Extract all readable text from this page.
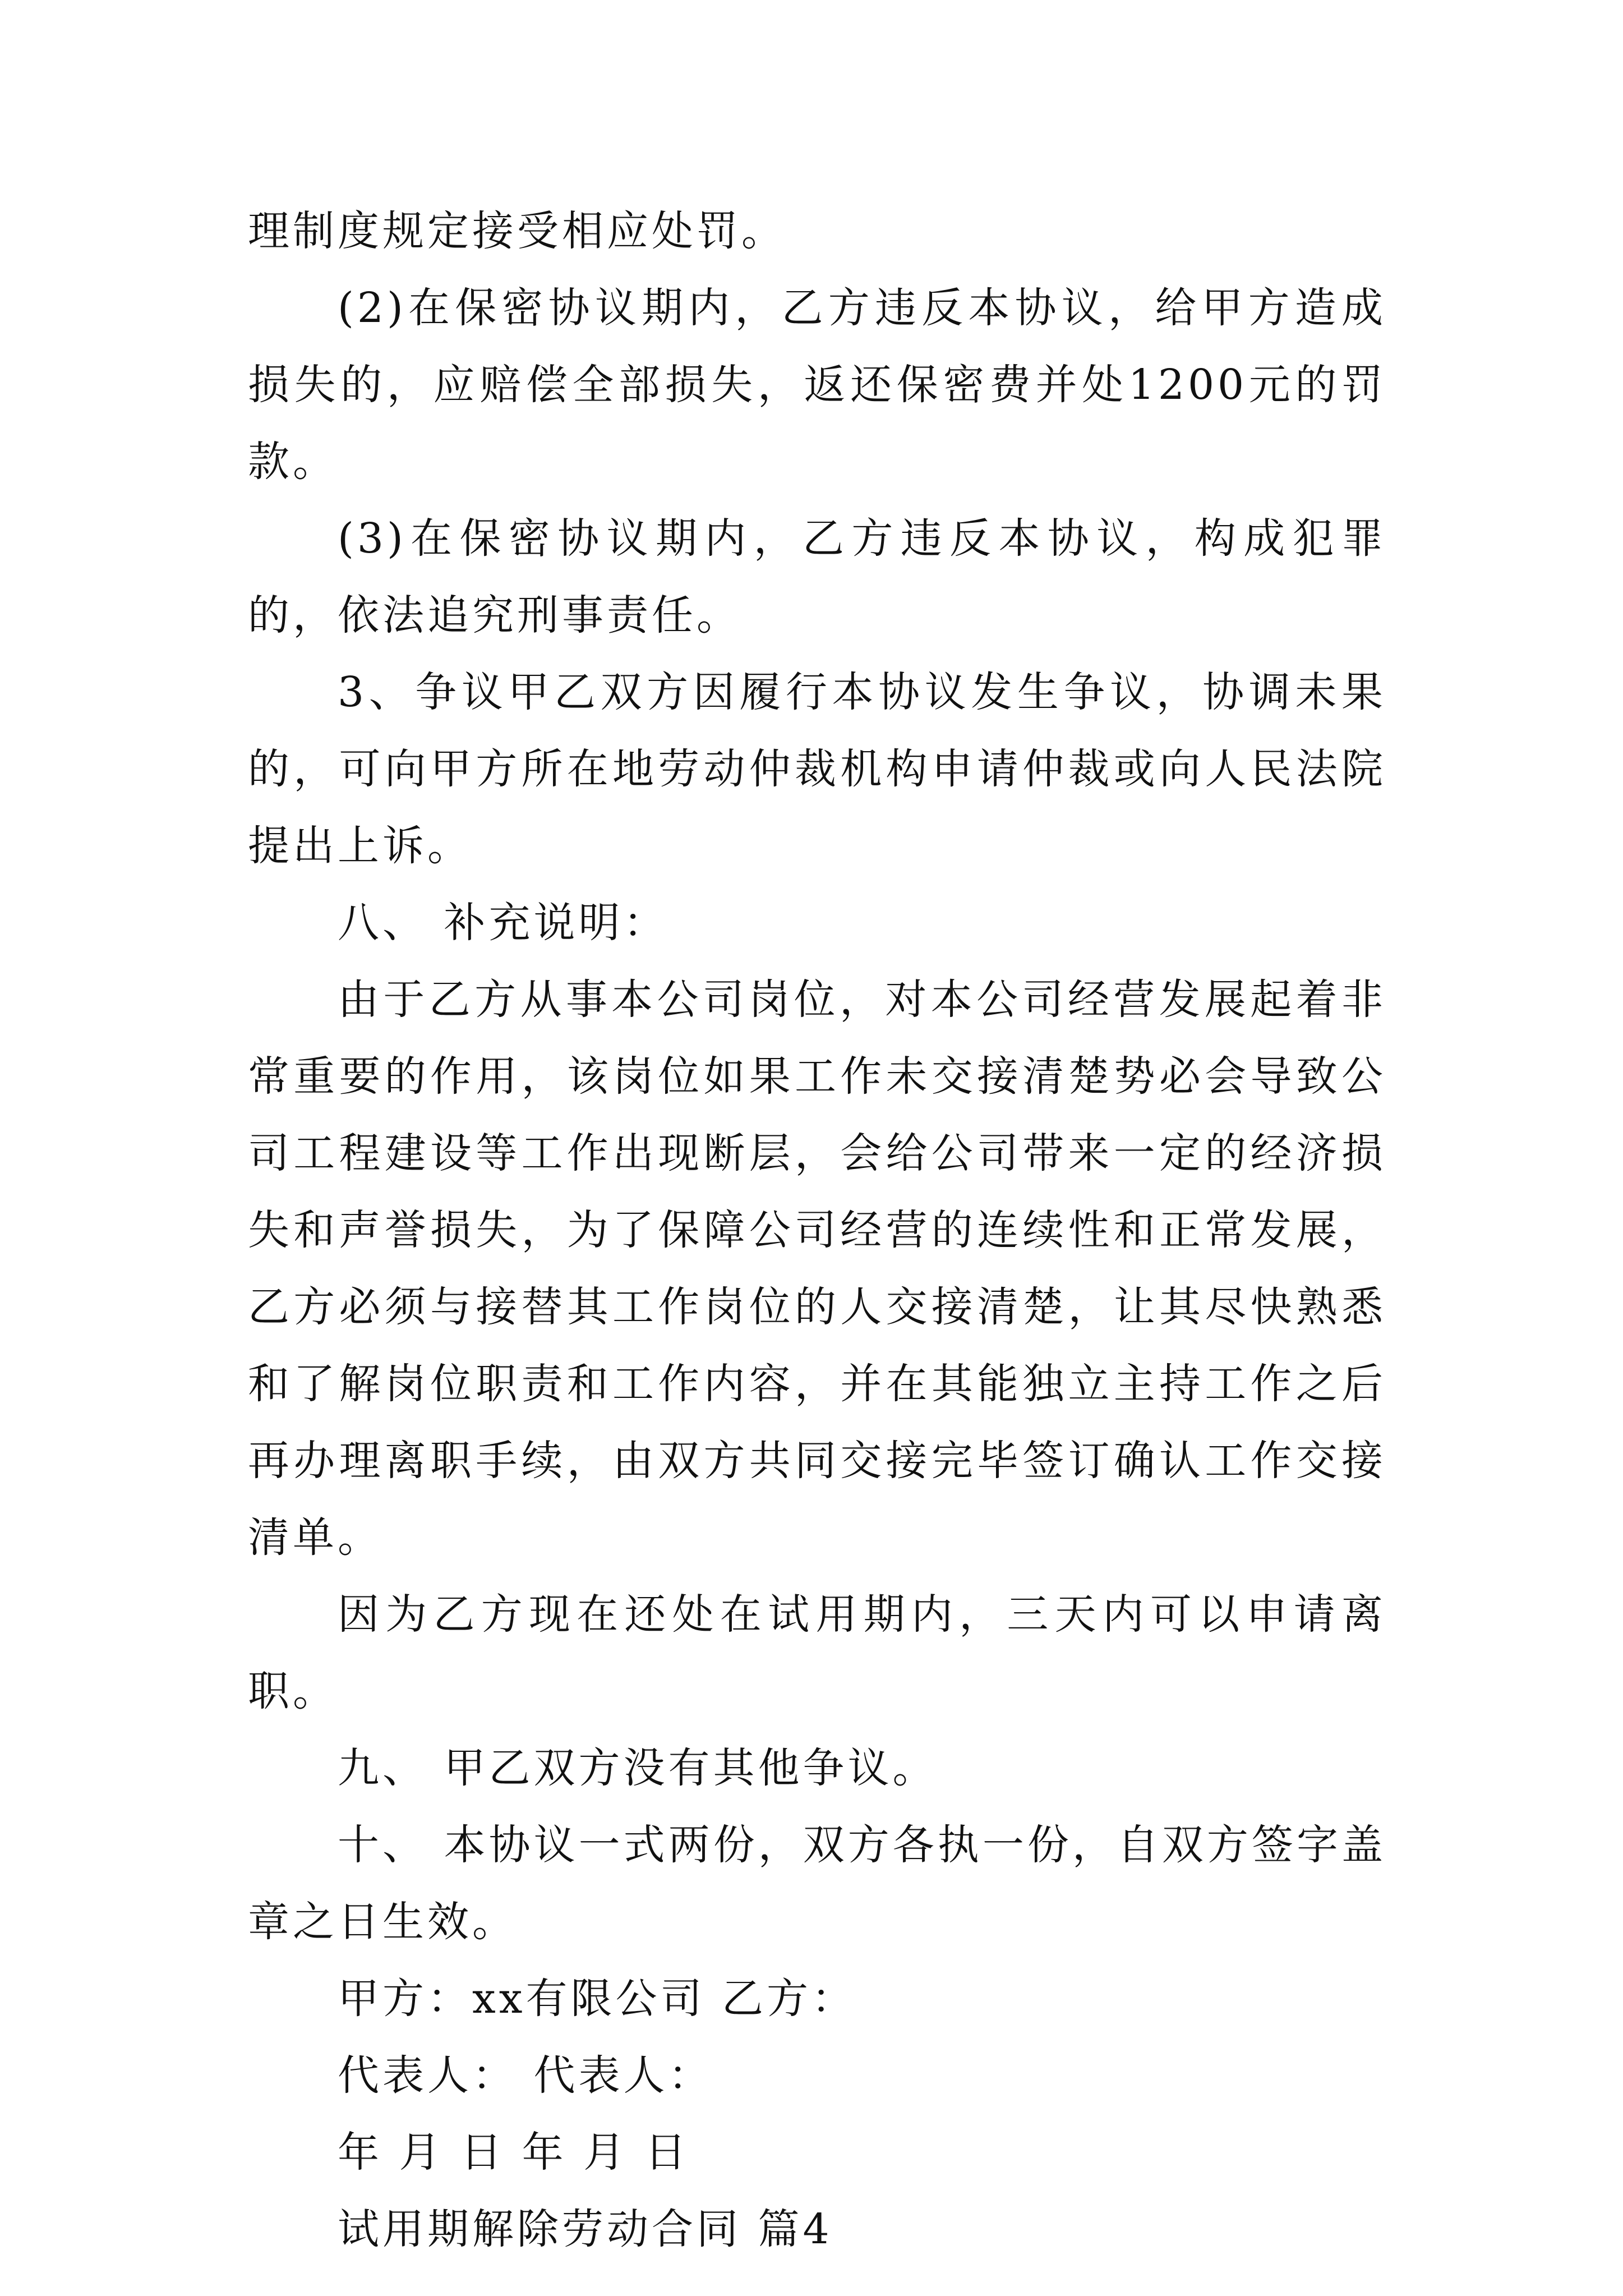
理制度规定接受相应处罚。

(2)在保密协议期内，乙方违反本协议，给甲方造成损失的，应赔偿全部损失，返还保密费并处1200元的罚款。

(3)在保密协议期内，乙方违反本协议，构成犯罪的，依法追究刑事责任。

3、争议甲乙双方因履行本协议发生争议，协调未果的，可向甲方所在地劳动仲裁机构申请仲裁或向人民法院提出上诉。

八、 补充说明：

由于乙方从事本公司岗位，对本公司经营发展起着非常重要的作用，该岗位如果工作未交接清楚势必会导致公司工程建设等工作出现断层，会给公司带来一定的经济损失和声誉损失，为了保障公司经营的连续性和正常发展，乙方必须与接替其工作岗位的人交接清楚，让其尽快熟悉和了解岗位职责和工作内容，并在其能独立主持工作之后再办理离职手续，由双方共同交接完毕签订确认工作交接清单。

因为乙方现在还处在试用期内，三天内可以申请离职。

九、 甲乙双方没有其他争议。

十、 本协议一式两份，双方各执一份，自双方签字盖章之日生效。

甲方：xx有限公司 乙方：

代表人： 代表人：

年 月 日 年 月 日

试用期解除劳动合同 篇4
